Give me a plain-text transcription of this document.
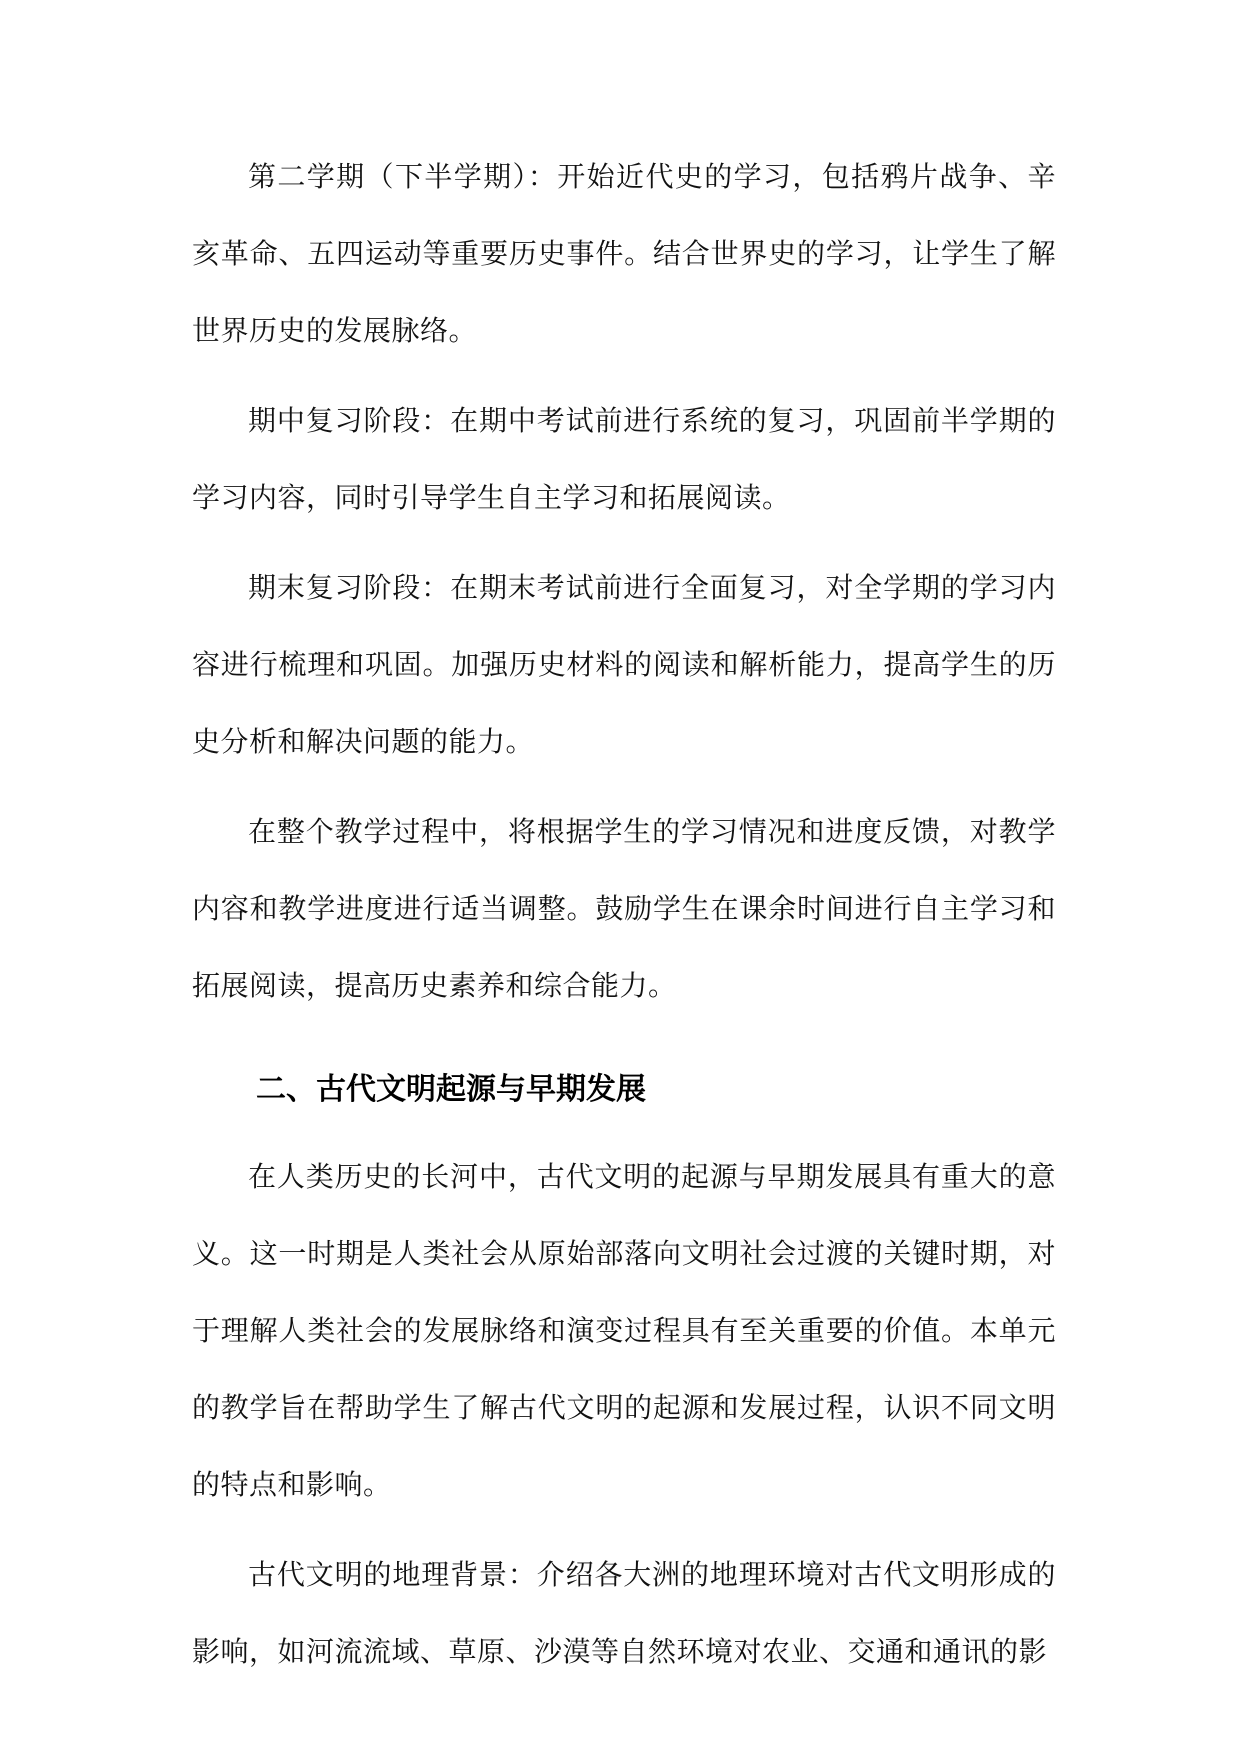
第二学期（下半学期）：开始近代史的学习，包括鸦片战争、辛亥革命、五四运动等重要历史事件。结合世界史的学习，让学生了解世界历史的发展脉络。

期中复习阶段：在期中考试前进行系统的复习，巩固前半学期的学习内容，同时引导学生自主学习和拓展阅读。

期末复习阶段：在期末考试前进行全面复习，对全学期的学习内容进行梳理和巩固。加强历史材料的阅读和解析能力，提高学生的历史分析和解决问题的能力。

在整个教学过程中，将根据学生的学习情况和进度反馈，对教学内容和教学进度进行适当调整。鼓励学生在课余时间进行自主学习和拓展阅读，提高历史素养和综合能力。

二、古代文明起源与早期发展

在人类历史的长河中，古代文明的起源与早期发展具有重大的意义。这一时期是人类社会从原始部落向文明社会过渡的关键时期，对于理解人类社会的发展脉络和演变过程具有至关重要的价值。本单元的教学旨在帮助学生了解古代文明的起源和发展过程，认识不同文明的特点和影响。

古代文明的地理背景：介绍各大洲的地理环境对古代文明形成的影响，如河流流域、草原、沙漠等自然环境对农业、交通和通讯的影
